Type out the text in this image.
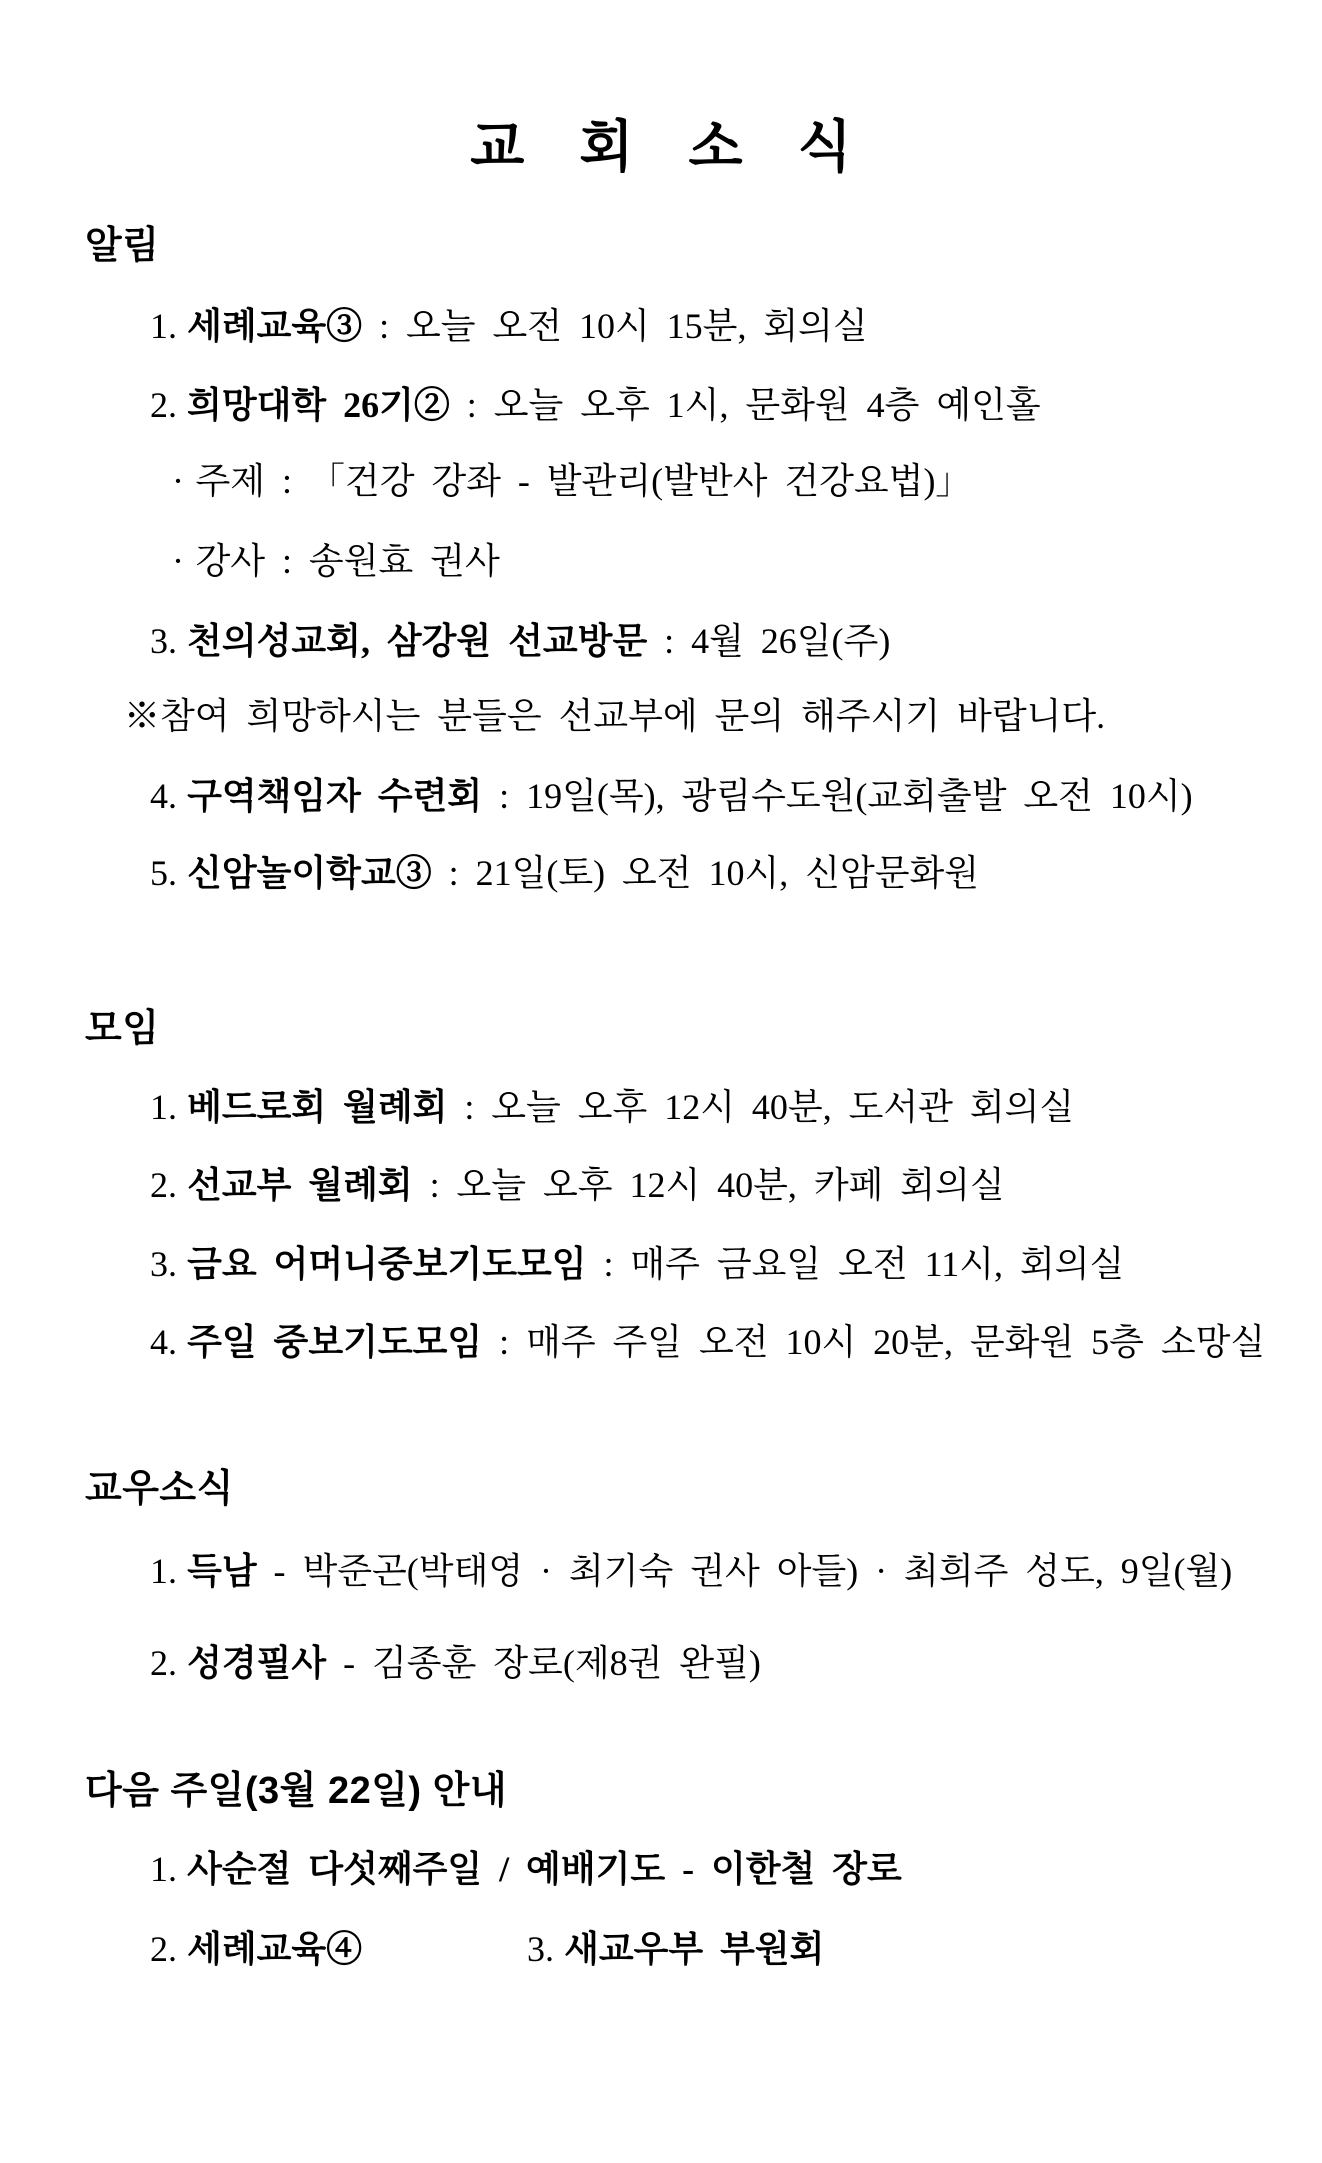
교회소식
알림
1. 세례교육③ : 오늘 오전 10시 15분, 회의실
2. 희망대학 26기② : 오늘 오후 1시, 문화원 4층 예인홀
· 주제 : 「건강 강좌 - 발관리(발반사 건강요법)」
· 강사 : 송원효 권사
3. 천의성교회, 삼강원 선교방문 : 4월 26일(주)
※참여 희망하시는 분들은 선교부에 문의 해주시기 바랍니다.
4. 구역책임자 수련회 : 19일(목), 광림수도원(교회출발 오전 10시)
5. 신암놀이학교③ : 21일(토) 오전 10시, 신암문화원
모임
1. 베드로회 월례회 : 오늘 오후 12시 40분, 도서관 회의실
2. 선교부 월례회 : 오늘 오후 12시 40분, 카페 회의실
3. 금요 어머니중보기도모임 : 매주 금요일 오전 11시, 회의실
4. 주일 중보기도모임 : 매주 주일 오전 10시 20분, 문화원 5층 소망실
교우소식
1. 득남 - 박준곤(박태영 · 최기숙 권사 아들) · 최희주 성도, 9일(월)
2. 성경필사 - 김종훈 장로(제8권 완필)
다음 주일(3월 22일) 안내
1. 사순절 다섯째주일 / 예배기도 - 이한철 장로
2. 세례교육④	3. 새교우부 부원회
